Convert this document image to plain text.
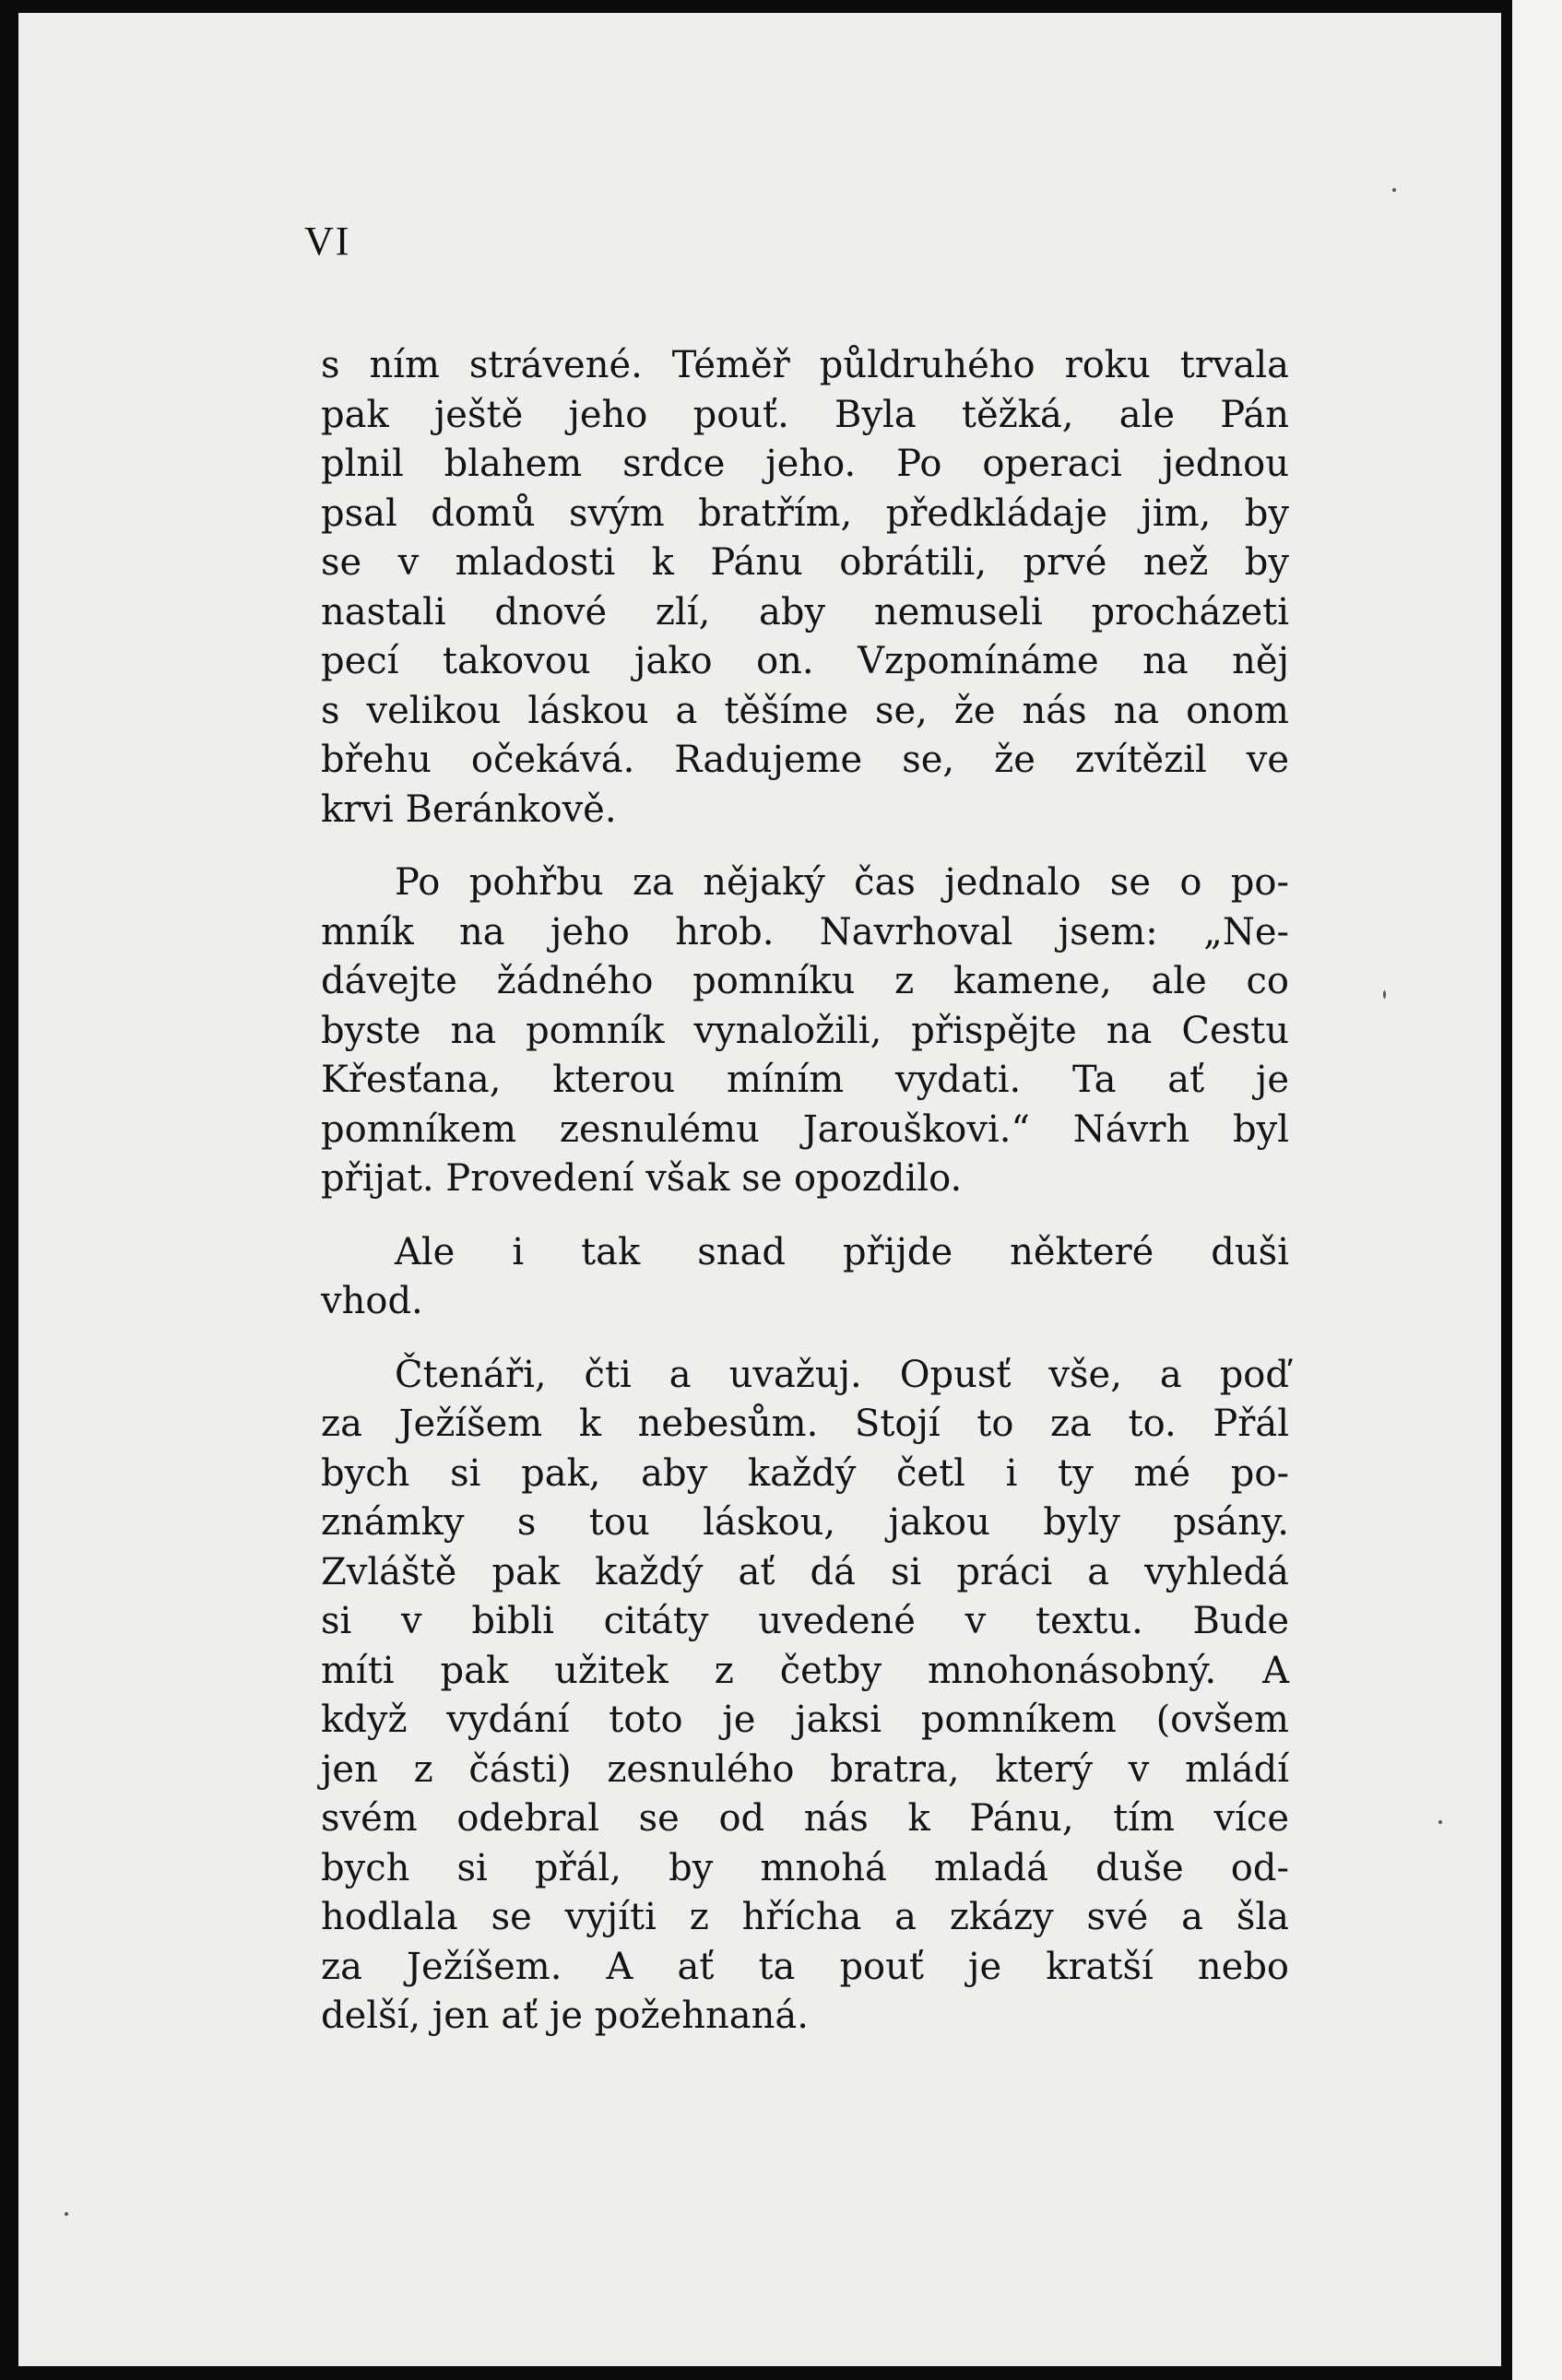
VI

s ním strávené. Téměř půldruhého roku trvala
pak ještě jeho pouť. Byla těžká, ale Pán
plnil blahem srdce jeho. Po operaci jednou
psal domů svým bratřím, předkládaje jim, by
se v mladosti k Pánu obrátili, prvé než by
nastali dnové zlí, aby nemuseli procházeti
pecí takovou jako on. Vzpomínáme na něj
s velikou láskou a těšíme se, že nás na onom
břehu očekává. Radujeme se, že zvítězil ve
krvi Beránkově.

Po pohřbu za nějaký čas jednalo se o po-
mník na jeho hrob. Navrhoval jsem: „Ne-
dávejte žádného pomníku z kamene, ale co
byste na pomník vynaložili, přispějte na Cestu
Křesťana, kterou míním vydati. Ta ať je
pomníkem zesnulému Jarouškovi.“ Návrh byl
přijat. Provedení však se opozdilo.

Ale i tak snad přijde některé duši
vhod.

Čtenáři, čti a uvažuj. Opusť vše, a poď
za Ježíšem k nebesům. Stojí to za to. Přál
bych si pak, aby každý četl i ty mé po-
známky s tou láskou, jakou byly psány.
Zvláště pak každý ať dá si práci a vyhledá
si v bibli citáty uvedené v textu. Bude
míti pak užitek z četby mnohonásobný. A
když vydání toto je jaksi pomníkem (ovšem
jen z části) zesnulého bratra, který v mládí
svém odebral se od nás k Pánu, tím více
bych si přál, by mnohá mladá duše od-
hodlala se vyjíti z hřícha a zkázy své a šla
za Ježíšem. A ať ta pouť je kratší nebo
delší, jen ať je požehnaná.
